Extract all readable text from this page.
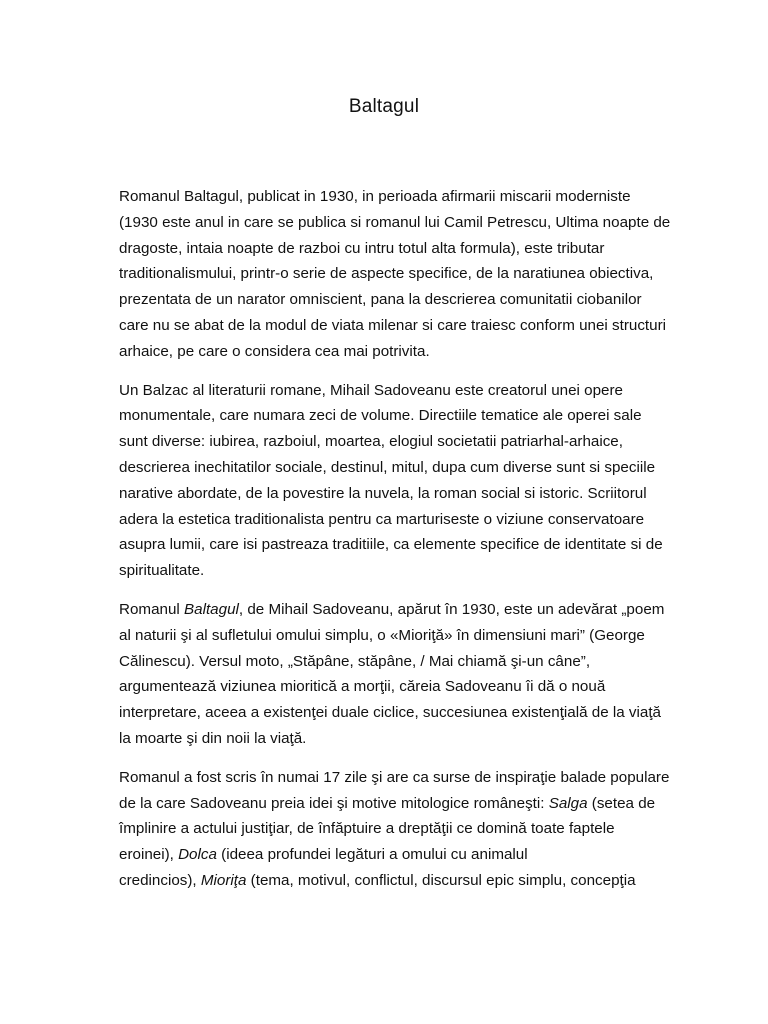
Baltagul
Romanul Baltagul, publicat in 1930, in perioada afirmarii miscarii moderniste
(1930 este anul in care se publica si romanul lui Camil Petrescu, Ultima noapte de
dragoste, intaia noapte de razboi cu intru totul alta formula), este tributar
traditionalismului, printr-o serie de aspecte specifice, de la naratiunea obiectiva,
prezentata de un narator omniscient, pana la descrierea comunitatii ciobanilor
care nu se abat de la modul de viata milenar si care traiesc conform unei structuri
arhaice, pe care o considera cea mai potrivita.
Un Balzac al literaturii romane, Mihail Sadoveanu este creatorul unei opere
monumentale, care numara zeci de volume. Directiile tematice ale operei sale
sunt diverse: iubirea, razboiul, moartea, elogiul societatii patriarhal-arhaice,
descrierea inechitatilor sociale, destinul, mitul, dupa cum diverse sunt si speciile
narative abordate, de la povestire la nuvela, la roman social si istoric. Scriitorul
adera la estetica traditionalista pentru ca marturiseste o viziune conservatoare
asupra lumii, care isi pastreaza traditiile, ca elemente specifice de identitate si de
spiritualitate.
Romanul Baltagul, de Mihail Sadoveanu, apărut în 1930, este un adevărat „poem
al naturii şi al sufletului omului simplu, o «Mioriţă» în dimensiuni mari” (George
Călinescu). Versul moto, „Stăpâne, stăpâne, / Mai chiamă şi-un câne”,
argumentează viziunea mioritică a morţii, căreia Sadoveanu îi dă o nouă
interpretare, aceea a existenţei duale ciclice, succesiunea existenţială de la viaţă
la moarte şi din noii la viaţă.
Romanul a fost scris în numai 17 zile şi are ca surse de inspiraţie balade populare
de la care Sadoveanu preia idei şi motive mitologice româneşti: Salga (setea de
împlinire a actului justiţiar, de înfăptuire a dreptăţii ce domină toate faptele
eroinei), Dolca (ideea profundei legături a omului cu animalul
credincios), Mioriţa (tema, motivul, conflictul, discursul epic simplu, concepţia
